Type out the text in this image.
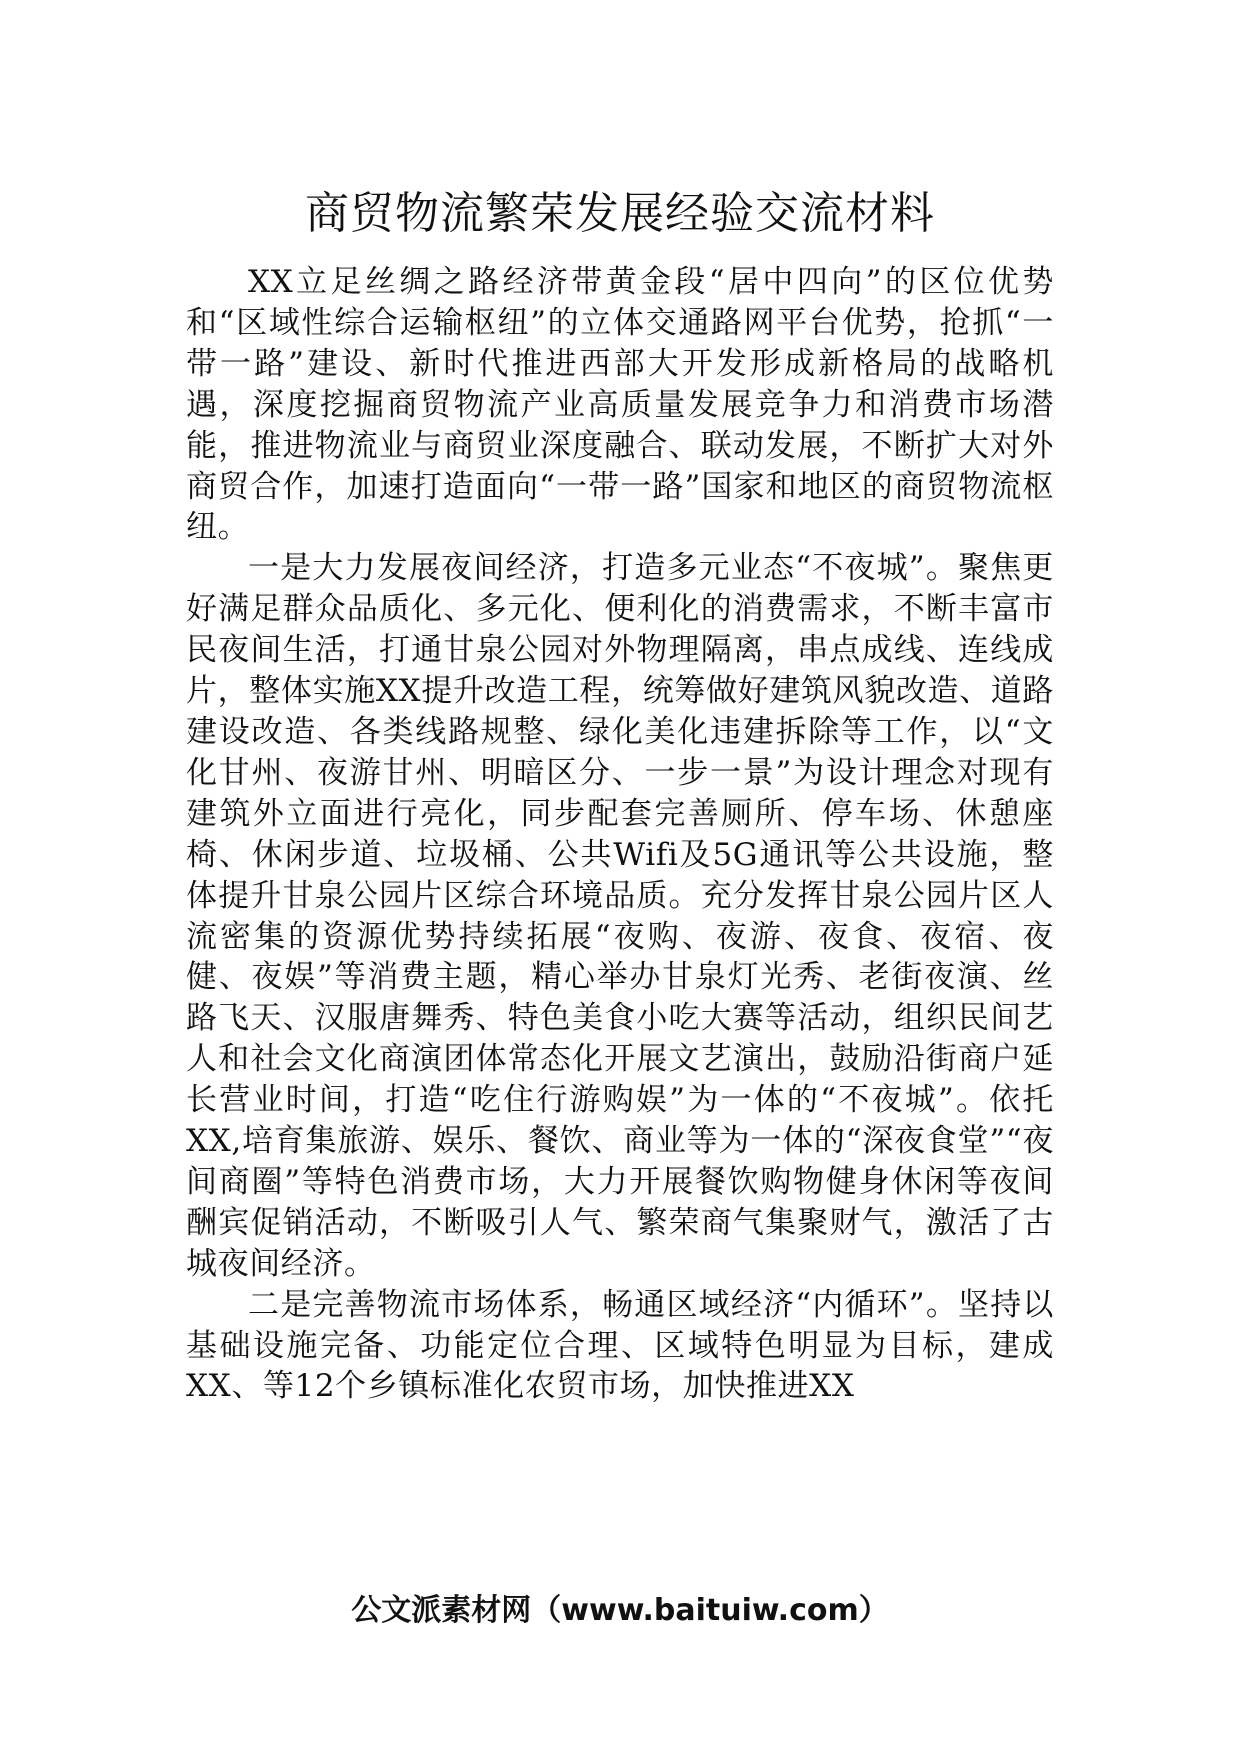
商贸物流繁荣发展经验交流材料

XX立足丝绸之路经济带黄金段“居中四向”的区位优势和“区域性综合运输枢纽”的立体交通路网平台优势，抢抓“一带一路”建设、新时代推进西部大开发形成新格局的战略机遇，深度挖掘商贸物流产业高质量发展竞争力和消费市场潜能，推进物流业与商贸业深度融合、联动发展，不断扩大对外商贸合作，加速打造面向“一带一路”国家和地区的商贸物流枢纽。

一是大力发展夜间经济，打造多元业态“不夜城”。聚焦更好满足群众品质化、多元化、便利化的消费需求，不断丰富市民夜间生活，打通甘泉公园对外物理隔离，串点成线、连线成片，整体实施XX提升改造工程，统筹做好建筑风貌改造、道路建设改造、各类线路规整、绿化美化违建拆除等工作，以“文化甘州、夜游甘州、明暗区分、一步一景”为设计理念对现有建筑外立面进行亮化，同步配套完善厕所、停车场、休憩座椅、休闲步道、垃圾桶、公共Wifi及5G通讯等公共设施，整体提升甘泉公园片区综合环境品质。充分发挥甘泉公园片区人流密集的资源优势持续拓展“夜购、夜游、夜食、夜宿、夜健、夜娱”等消费主题，精心举办甘泉灯光秀、老街夜演、丝路飞天、汉服唐舞秀、特色美食小吃大赛等活动，组织民间艺人和社会文化商演团体常态化开展文艺演出，鼓励沿街商户延长营业时间，打造“吃住行游购娱”为一体的“不夜城”。依托XX,培育集旅游、娱乐、餐饮、商业等为一体的“深夜食堂”“夜间商圈”等特色消费市场，大力开展餐饮购物健身休闲等夜间酬宾促销活动，不断吸引人气、繁荣商气集聚财气，激活了古城夜间经济。

二是完善物流市场体系，畅通区域经济“内循环”。坚持以基础设施完备、功能定位合理、区域特色明显为目标，建成XX、等12个乡镇标准化农贸市场，加快推进XX

公文派素材网（www.baituiw.com）
